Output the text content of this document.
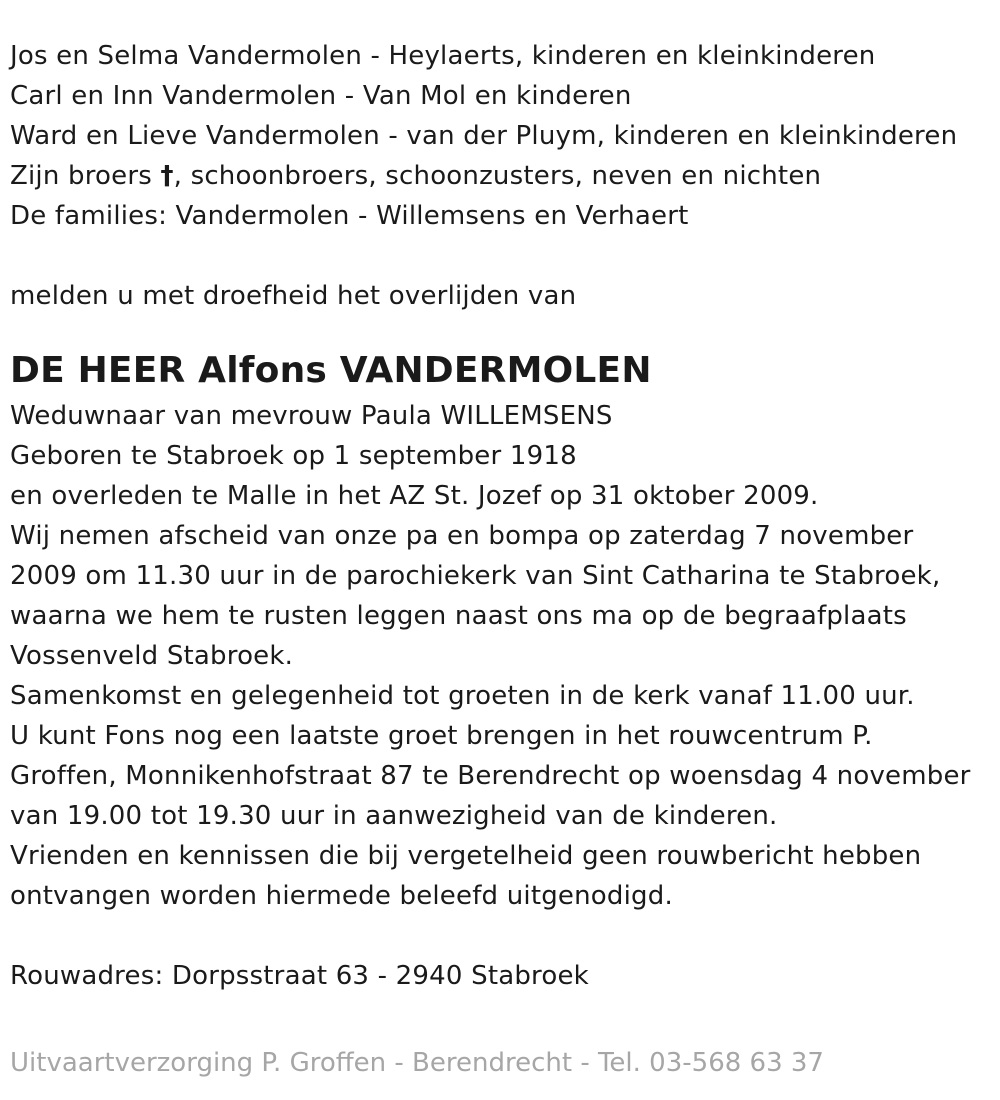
Jos en Selma Vandermolen - Heylaerts, kinderen en kleinkinderen
Carl en Inn Vandermolen - Van Mol en kinderen
Ward en Lieve Vandermolen - van der Pluym, kinderen en kleinkinderen
Zijn broers †, schoonbroers, schoonzusters, neven en nichten
De families: Vandermolen - Willemsens en Verhaert
melden u met droefheid het overlijden van
DE HEER Alfons VANDERMOLEN
Weduwnaar van mevrouw Paula WILLEMSENS
Geboren te Stabroek op 1 september 1918
en overleden te Malle in het AZ St. Jozef op 31 oktober 2009.
Wij nemen afscheid van onze pa en bompa op zaterdag 7 november
2009 om 11.30 uur in de parochiekerk van Sint Catharina te Stabroek,
waarna we hem te rusten leggen naast ons ma op de begraafplaats
Vossenveld Stabroek.
Samenkomst en gelegenheid tot groeten in de kerk vanaf 11.00 uur.
U kunt Fons nog een laatste groet brengen in het rouwcentrum P.
Groffen, Monnikenhofstraat 87 te Berendrecht op woensdag 4 november
van 19.00 tot 19.30 uur in aanwezigheid van de kinderen.
Vrienden en kennissen die bij vergetelheid geen rouwbericht hebben
ontvangen worden hiermede beleefd uitgenodigd.
Rouwadres: Dorpsstraat 63 - 2940 Stabroek
Uitvaartverzorging P. Groffen - Berendrecht - Tel. 03-568 63 37
